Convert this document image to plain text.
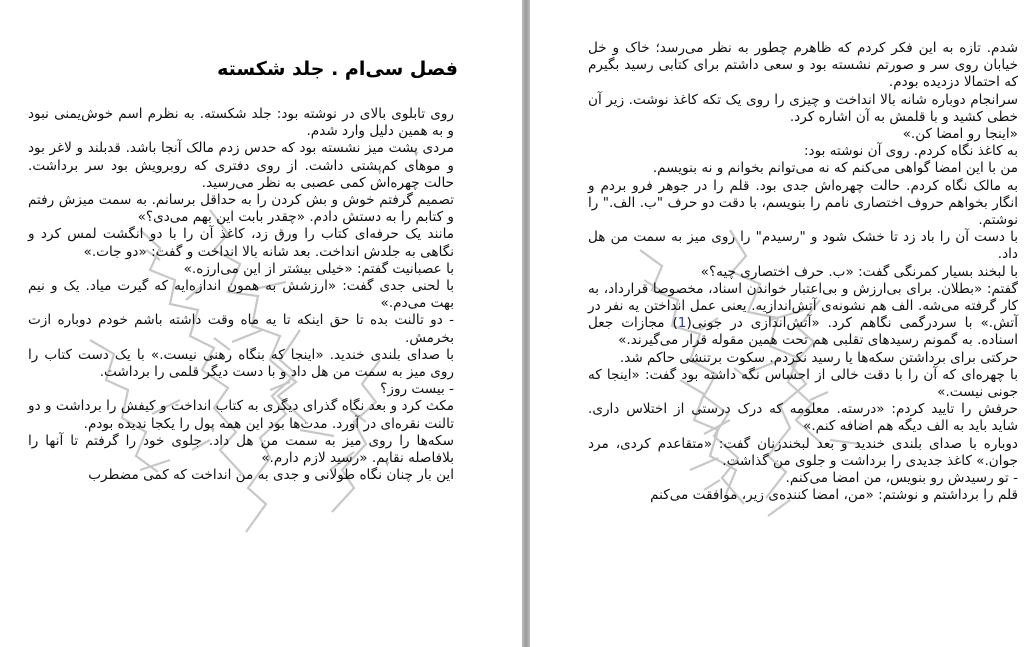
فصل سی‌ام . جلد شکسته

روی تابلوی بالای در نوشته بود: جلد شکسته. به نظرم اسم خوش‌یمنی نبود و به همین دلیل وارد شدم.

مردی پشت میز نشسته بود که حدس زدم مالک آنجا باشد. قدبلند و لاغر بود و موهای کم‌پشتی داشت. از روی دفتری که روبرویش بود سر برداشت. حالت چهره‌اش کمی عصبی به نظر می‌رسید.

تصمیم گرفتم خوش و بش کردن را به حداقل برسانم. به سمت میزش رفتم و کتابم را به دستش دادم. «چقدر بابت این بهم می‌دی؟»

مانند یک حرفه‌ای کتاب را ورق زد، کاغذ آن را با دو انگشت لمس کرد و نگاهی به جلدش انداخت. بعد شانه بالا انداخت و گفت: «دو جات.»

با عصبانیت گفتم: «خیلی بیشتر از این می‌ارزه.»

با لحنی جدی گفت: «ارزشش به همون اندازه‌ایه که گیرت میاد. یک و نیم بهت می‌دم.»

- دو تالنت بده تا حق اینکه تا یه ماه وقت داشته باشم خودم دوباره ازت بخرمش.

با صدای بلندی خندید. «اینجا که بنگاه رهنی نیست.» با یک دست کتاب را روی میز به سمت من هل داد و با دست دیگر قلمی را برداشت.

- بیست روز؟

مکث کرد و بعد نگاه گذرای دیگری به کتاب انداخت و کیفش را برداشت و دو تالنت نقره‌ای در آورد. مدت‌ها بود این همه پول را یکجا ندیده بودم.

سکه‌ها را روی میز به سمت من هل داد. جلوی خود را گرفتم تا آنها را بلافاصله نقاپم. «رسید لازم دارم.»

این بار چنان نگاه طولانی و جدی به من انداخت که کمی مضطرب

شدم. تازه به این فکر کردم که ظاهرم چطور به نظر می‌رسد؛ خاک و خل خیابان روی سر و صورتم نشسته بود و سعی داشتم برای کتابی رسید بگیرم که احتمالا دزدیده بودم.

سرانجام دوباره شانه بالا انداخت و چیزی را روی یک تکه کاغذ نوشت. زیر آن خطی کشید و با قلمش به آن اشاره کرد.

«اینجا رو امضا کن.»

به کاغذ نگاه کردم. روی آن نوشته بود:

من با این امضا گواهی می‌کنم که نه می‌توانم بخوانم و نه بنویسم.

به مالک نگاه کردم. حالت چهره‌اش جدی بود. قلم را در جوهر فرو بردم و انگار بخواهم حروف اختصاری نامم را بنویسم، با دقت دو حرف "ب. الف." را نوشتم.

با دست آن را باد زد تا خشک شود و "رسیدم" را روی میز به سمت من هل داد.

با لبخند بسیار کمرنگی گفت: «ب. حرف اختصاری چیه؟»

گفتم: «بطلان. برای بی‌ارزش و بی‌اعتبار خواندن اسناد، مخصوصا قرارداد، به کار گرفته می‌شه. الف هم نشونه‌ی آتش‌اندازیه. یعنی عمل انداختن یه نفر در آتش.» با سردرگمی نگاهم کرد. «آتش‌اندازی در جونی(1) مجازات جعل اسناده. به گمونم رسیدهای تقلبی هم تحت همین مقوله قرار می‌گیرند.»

حرکتی برای برداشتن سکه‌ها یا رسید نکردم. سکوت برتنشی حاکم شد.

با چهره‌ای که آن را با دقت خالی از احساس نگه داشته بود گفت: «اینجا که جونی نیست.»

حرفش را تایید کردم: «درسته. معلومه که درک درستی از اختلاس داری. شاید باید به الف دیگه هم اضافه کنم.»

دوباره با صدای بلندی خندید و بعد لبخندزنان گفت: «متقاعدم کردی، مرد جوان.» کاغذ جدیدی را برداشت و جلوی من گذاشت.

- تو رسیدش رو بنویس، من امضا می‌کنم.

قلم را برداشتم و نوشتم: «من، امضا کننده‌ی زیر، موافقت می‌کنم
